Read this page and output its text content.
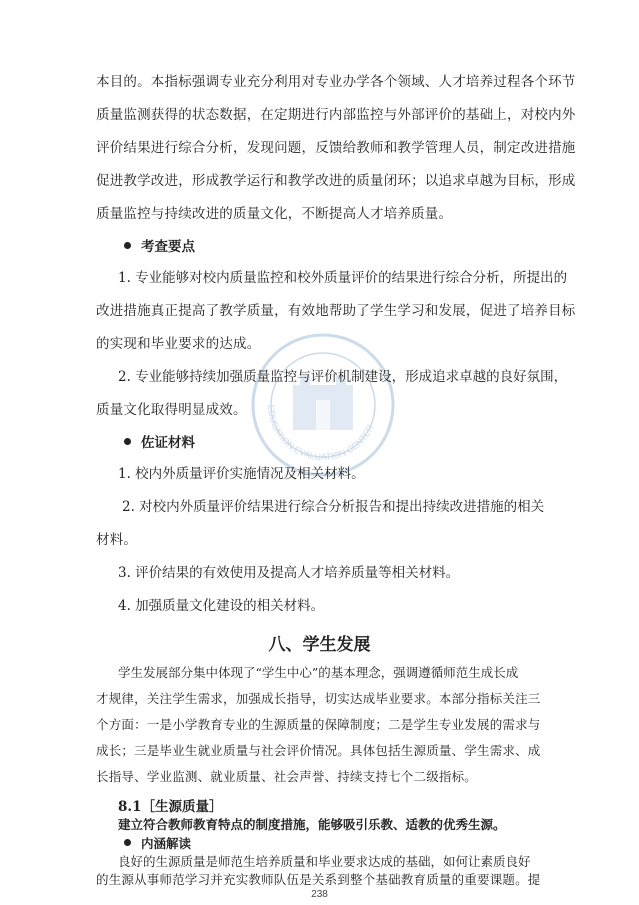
EDUCATION EVALUATION CENTER
本目的。本指标强调专业充分利用对专业办学各个领域、人才培养过程各个环节
质量监测获得的状态数据，在定期进行内部监控与外部评价的基础上，对校内外
评价结果进行综合分析，发现问题，反馈给教师和教学管理人员，制定改进措施
促进教学改进，形成教学运行和教学改进的质量闭环；以追求卓越为目标，形成
质量监控与持续改进的质量文化，不断提高人才培养质量。
考查要点
1. 专业能够对校内质量监控和校外质量评价的结果进行综合分析，所提出的
改进措施真正提高了教学质量，有效地帮助了学生学习和发展，促进了培养目标
的实现和毕业要求的达成。
2. 专业能够持续加强质量监控与评价机制建设，形成追求卓越的良好氛围，
质量文化取得明显成效。
佐证材料
1. 校内外质量评价实施情况及相关材料。
2. 对校内外质量评价结果进行综合分析报告和提出持续改进措施的相关
材料。
3. 评价结果的有效使用及提高人才培养质量等相关材料。
4. 加强质量文化建设的相关材料。
八、学生发展
学生发展部分集中体现了“学生中心”的基本理念，强调遵循师范生成长成
才规律，关注学生需求，加强成长指导，切实达成毕业要求。本部分指标关注三
个方面：一是小学教育专业的生源质量的保障制度；二是学生专业发展的需求与
成长；三是毕业生就业质量与社会评价情况。具体包括生源质量、学生需求、成
长指导、学业监测、就业质量、社会声誉、持续支持七个二级指标。
8.1［生源质量］
建立符合教师教育特点的制度措施，能够吸引乐教、适教的优秀生源。
内涵解读
良好的生源质量是师范生培养质量和毕业要求达成的基础，如何让素质良好
的生源从事师范学习并充实教师队伍是关系到整个基础教育质量的重要课题。提
238
